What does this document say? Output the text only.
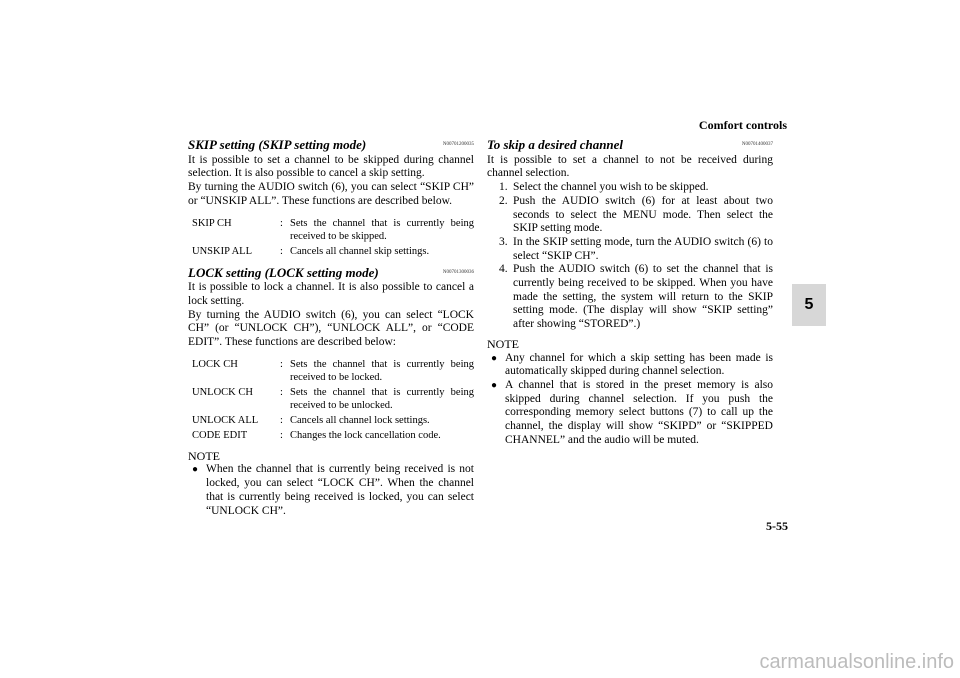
Comfort controls
5
SKIP setting (SKIP setting mode)	N00701200035

It is possible to set a channel to be skipped during channel selection. It is also possible to cancel a skip setting.

By turning the AUDIO switch (6), you can select “SKIP CH” or “UNSKIP ALL”. These functions are described below.

SKIP CH	:	Sets the channel that is currently being received to be skipped.
UNSKIP ALL	:	Cancels all channel skip settings.
LOCK setting (LOCK setting mode)	N00701300036

It is possible to lock a channel. It is also possible to cancel a lock setting.

By turning the AUDIO switch (6), you can select “LOCK CH” (or “UNLOCK CH”), “UNLOCK ALL”, or “CODE EDIT”. These functions are described below:

LOCK CH	:	Sets the channel that is currently being received to be locked.
UNLOCK CH	:	Sets the channel that is currently being received to be unlocked.
UNLOCK ALL	:	Cancels all channel lock settings.
CODE EDIT	:	Changes the lock cancellation code.
NOTE
● When the channel that is currently being received is not locked, you can select “LOCK CH”. When the channel that is currently being received is locked, you can select “UNLOCK CH”.
To skip a desired channel	N00701400037

It is possible to set a channel to not be received during channel selection.

1. Select the channel you wish to be skipped.
2. Push the AUDIO switch (6) for at least about two seconds to select the MENU mode. Then select the SKIP setting mode.
3. In the SKIP setting mode, turn the AUDIO switch (6) to select “SKIP CH”.
4. Push the AUDIO switch (6) to set the channel that is currently being received to be skipped. When you have made the setting, the system will return to the SKIP setting mode. (The display will show “SKIP setting” after showing “STORED”.)
NOTE
● Any channel for which a skip setting has been made is automatically skipped during channel selection.
● A channel that is stored in the preset memory is also skipped during channel selection. If you push the corresponding memory select buttons (7) to call up the channel, the display will show “SKIPD” or “SKIPPED CHANNEL” and the audio will be muted.
5-55
carmanualsonline.info
